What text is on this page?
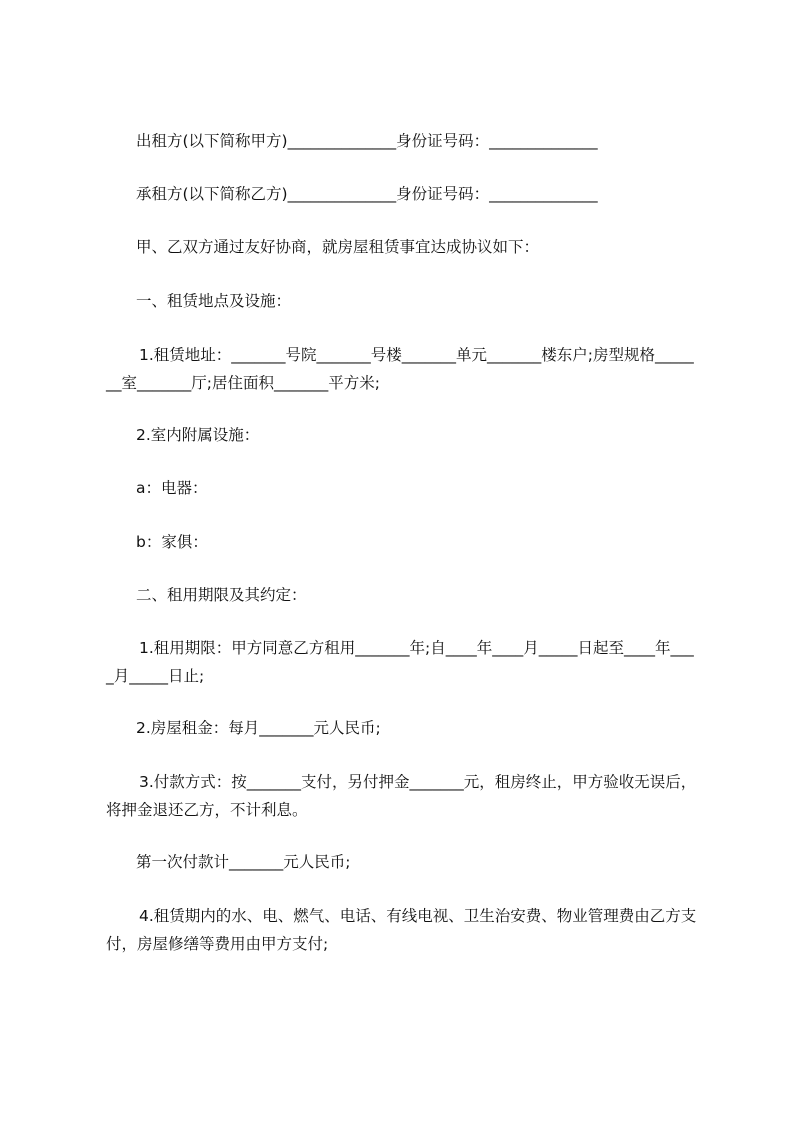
出租方(以下简称甲方)______________身份证号码：______________

承租方(以下简称乙方)______________身份证号码：______________

甲、乙双方通过友好协商，就房屋租赁事宜达成协议如下：

一、租赁地点及设施：

1.租赁地址：_______号院_______号楼_______单元_______楼东户;房型规格_______室_______厅;居住面积_______平方米;

2.室内附属设施：

a：电器：

b：家俱：

二、租用期限及其约定：

1.租用期限：甲方同意乙方租用_______年;自____年____月_____日起至____年____月_____日止;

2.房屋租金：每月_______元人民币;

3.付款方式：按_______支付，另付押金_______元，租房终止，甲方验收无误后，将押金退还乙方，不计利息。

第一次付款计_______元人民币;

4.租赁期内的水、电、燃气、电话、有线电视、卫生治安费、物业管理费由乙方支付，房屋修缮等费用由甲方支付;
